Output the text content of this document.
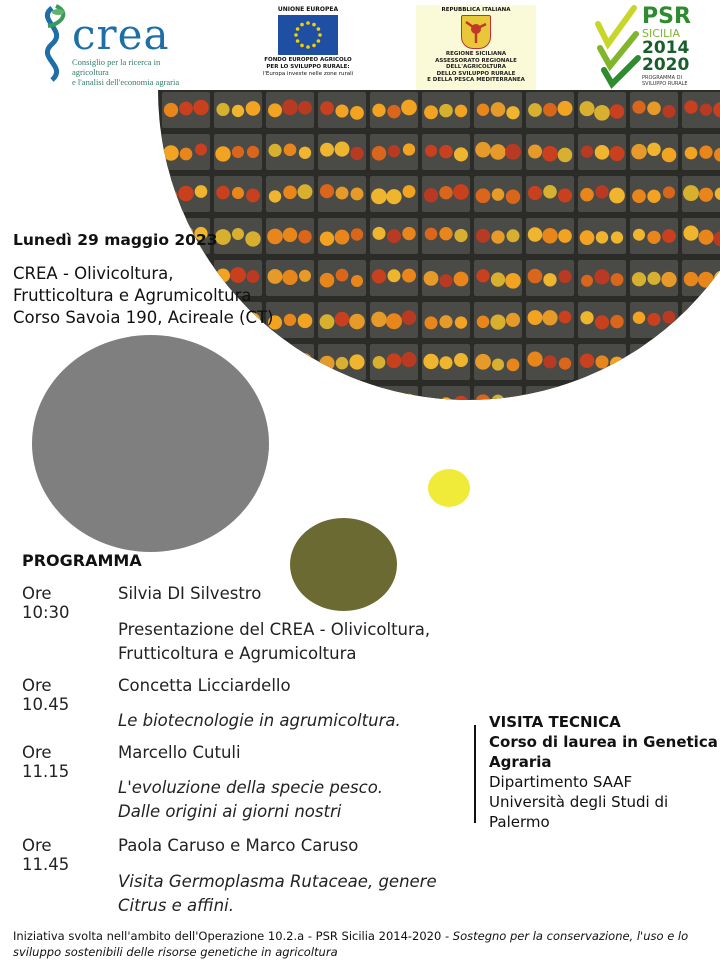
crea
Consiglio per la ricerca in agricoltura
e l'analisi dell'economia agraria
UNIONE EUROPEA
FONDO EUROPEO AGRICOLO
PER LO SVILUPPO RURALE:
l'Europa investe nelle zone rurali
REPUBBLICA ITALIANA
REGIONE SICILIANA
ASSESSORATO REGIONALE
DELL'AGRICOLTURA
DELLO SVILUPPO RURALE
E DELLA PESCA MEDITERRANEA
PSR
SICILIA
2014
2020
PROGRAMMA DI
SVILUPPO RURALE
Lunedì 29 maggio 2023
CREA - Olivicoltura,
Frutticoltura e Agrumicoltura
Corso Savoia 190, Acireale (CT)
PROGRAMMA
Ore 10:30
Silvia DI Silvestro
Presentazione del CREA - Olivicoltura,
Frutticoltura e Agrumicoltura
Ore 10.45
Concetta Licciardello
Le biotecnologie in agrumicoltura.
Ore 11.15
Marcello Cutuli
L'evoluzione della specie pesco.
Dalle origini ai giorni nostri
Ore 11.45
Paola Caruso e Marco Caruso
Visita Germoplasma Rutaceae, genere
Citrus e affini.
VISITA TECNICA
Corso di laurea in Genetica
Agraria
Dipartimento SAAF
Università degli Studi di
Palermo
Iniziativa svolta nell'ambito dell'Operazione 10.2.a - PSR Sicilia 2014-2020 - Sostegno per la conservazione, l'uso e lo sviluppo sostenibili delle risorse genetiche in agricoltura
